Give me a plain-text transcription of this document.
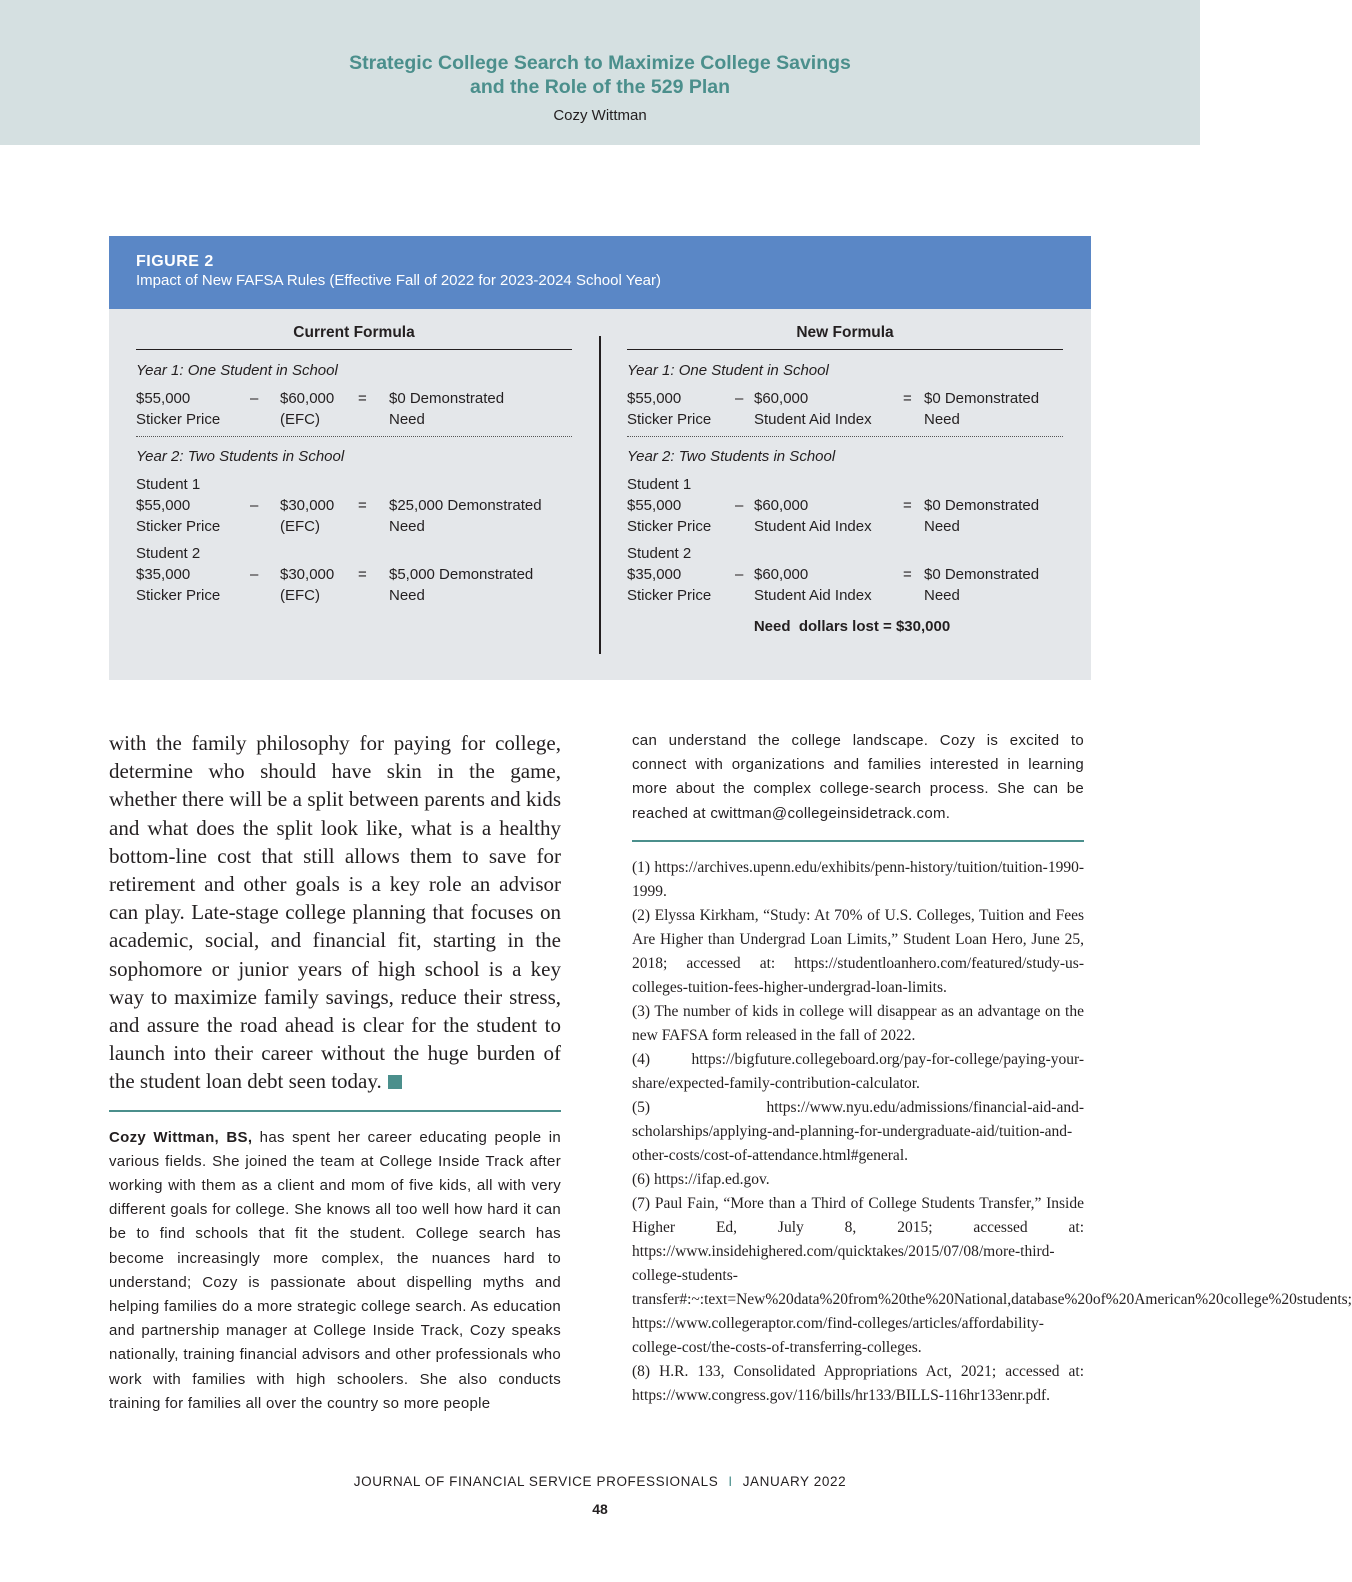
Strategic College Search to Maximize College Savings
and the Role of the 529 Plan
Cozy Wittman
FIGURE 2
Impact of New FAFSA Rules (Effective Fall of 2022 for 2023-2024 School Year)
Current Formula
Year 1: One Student in School
$55,000
Sticker Price
– $60,000
(EFC)
= $0 Demonstrated
Need
Year 2: Two Students in School
Student 1
$55,000
Sticker Price
– $30,000
(EFC)
= $25,000 Demonstrated
Need
Student 2
$35,000
Sticker Price
– $30,000
(EFC)
= $5,000 Demonstrated
Need
New Formula
Year 1: One Student in School
$55,000
Sticker Price
– $60,000
Student Aid Index
= $0 Demonstrated
Need
Year 2: Two Students in School
Student 1
$55,000
Sticker Price
– $60,000
Student Aid Index
= $0 Demonstrated
Need
Student 2
$35,000
Sticker Price
– $60,000
Student Aid Index
= $0 Demonstrated
Need
Need  dollars lost = $30,000
with the family philosophy for paying for college, determine who should have skin in the game, whether there will be a split between parents and kids and what does the split look like, what is a healthy bottom-line cost that still allows them to save for retirement and other goals is a key role an advisor can play. Late-stage college planning that focuses on academic, social, and financial fit, starting in the sophomore or junior years of high school is a key way to maximize family savings, reduce their stress, and assure the road ahead is clear for the student to launch into their career without the huge burden of the student loan debt seen today.
Cozy Wittman, BS, has spent her career educating people in various fields. She joined the team at College Inside Track after working with them as a client and mom of five kids, all with very different goals for college. She knows all too well how hard it can be to find schools that fit the student. College search has become increasingly more complex, the nuances hard to understand; Cozy is passionate about dispelling myths and helping families do a more strategic college search. As education and partnership manager at College Inside Track, Cozy speaks nationally, training financial advisors and other professionals who work with families with high schoolers. She also conducts training for families all over the country so more people
can understand the college landscape. Cozy is excited to connect with organizations and families interested in learning more about the complex college-search process. She can be reached at cwittman@collegeinsidetrack.com.

(1) https://archives.upenn.edu/exhibits/penn-history/tuition/tuition-1990-1999.

(2) Elyssa Kirkham, “Study: At 70% of U.S. Colleges, Tuition and Fees Are Higher than Undergrad Loan Limits,” Student Loan Hero, June 25, 2018; accessed at: https://studentloanhero.com/featured/study-us-colleges-tuition-fees-higher-undergrad-loan-limits.

(3) The number of kids in college will disappear as an advantage on the new FAFSA form released in the fall of 2022.

(4) https://bigfuture.collegeboard.org/pay-for-college/paying-your-share/expected-family-contribution-calculator.

(5) https://www.nyu.edu/admissions/financial-aid-and-scholarships/applying-and-planning-for-undergraduate-aid/tuition-and-other-costs/cost-of-attendance.html#general.

(6) https://ifap.ed.gov.

(7) Paul Fain, “More than a Third of College Students Transfer,” Inside Higher Ed, July 8, 2015; accessed at: https://www.insidehighered.com/quicktakes/2015/07/08/more-third-college-students-transfer#:~:text=New%20data%20from%20the%20National,database%20of%20American%20college%20students; https://www.collegeraptor.com/find-colleges/articles/affordability-college-cost/the-costs-of-transferring-colleges.

(8) H.R. 133, Consolidated Appropriations Act, 2021; accessed at: https://www.congress.gov/116/bills/hr133/BILLS-116hr133enr.pdf.

JOURNAL OF FINANCIAL SERVICE PROFESSIONALS I JANUARY 2022
48
